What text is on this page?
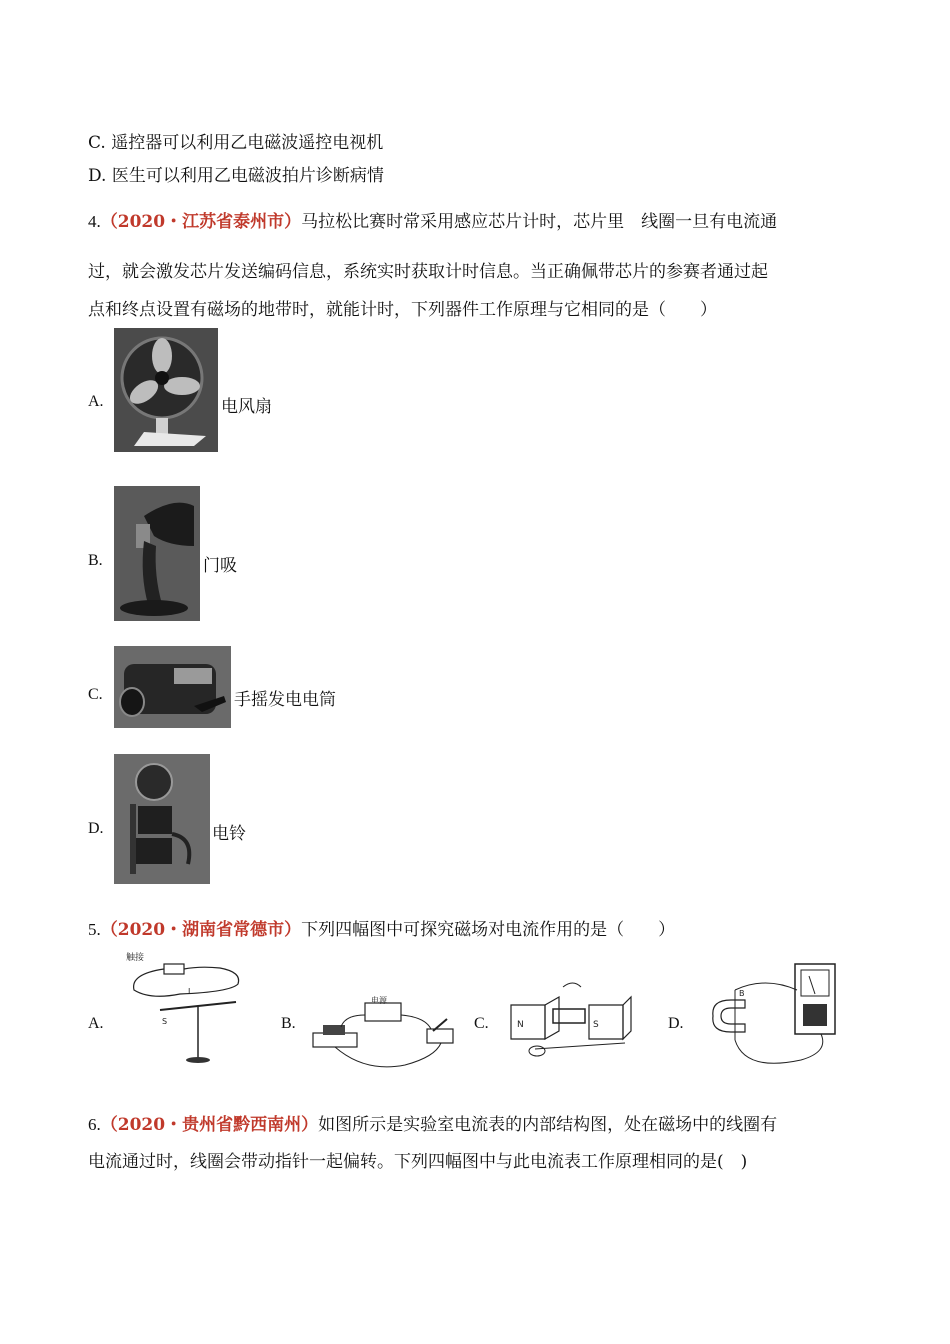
C. 遥控器可以利用乙电磁波遥控电视机
D. 医生可以利用乙电磁波拍片诊断病情
4.（2020・江苏省泰州市）马拉松比赛时常采用感应芯片计时，芯片里　线圈一旦有电流通
过，就会激发芯片发送编码信息，系统实时获取计时信息。当正确佩带芯片的参赛者通过起
点和终点设置有磁场的地带时，就能计时，下列器件工作原理与它相同的是（　　）
A.	电风扇
B.	门吸
C.	手摇发电电筒
D.	电铃
5.（2020・湖南省常德市）下列四幅图中可探究磁场对电流作用的是（　　）
A.	B.	C.	D.
触接
I
S
电源
N	S
B
6.（2020・贵州省黔西南州）如图所示是实验室电流表的内部结构图，处在磁场中的线圈有
电流通过时，线圈会带动指针一起偏转。下列四幅图中与此电流表工作原理相同的是(　)
